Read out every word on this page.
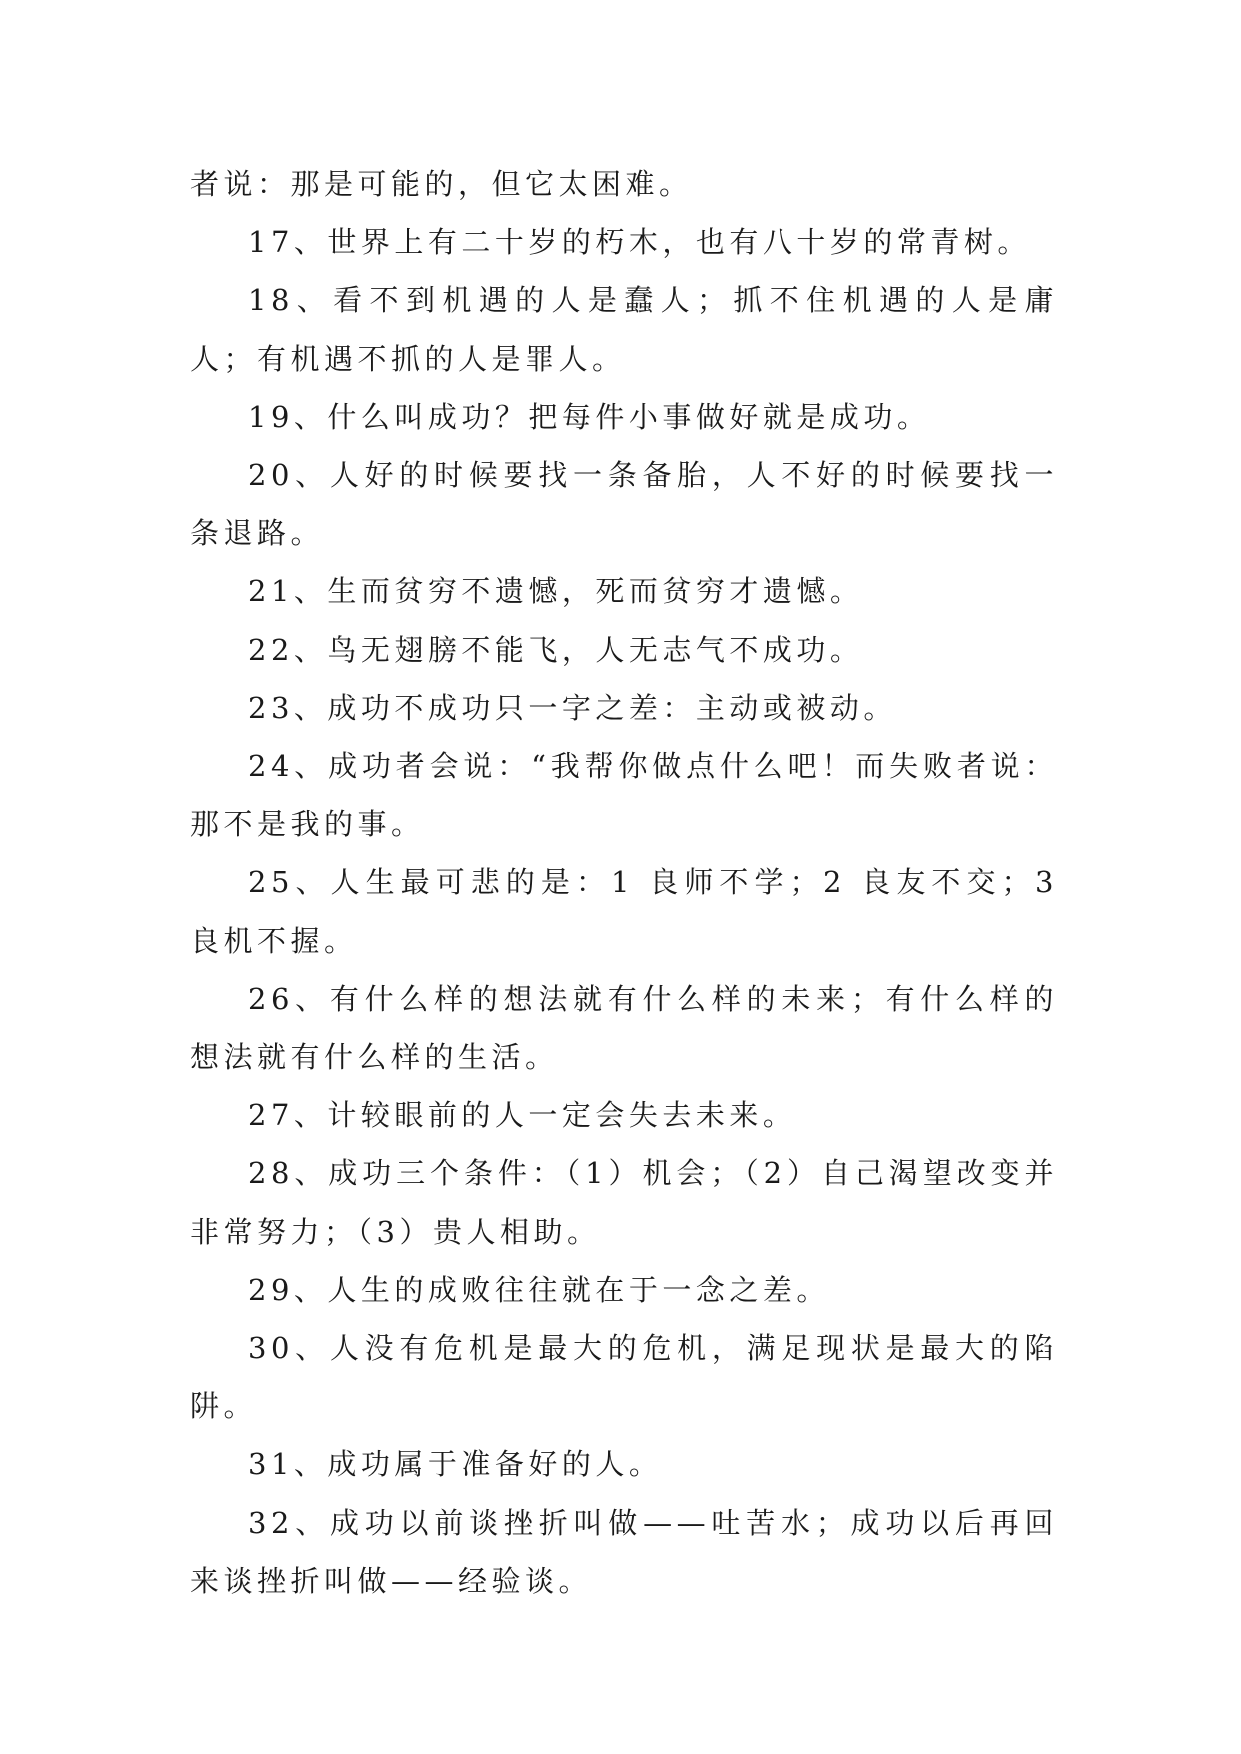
者说：那是可能的，但它太困难。

17、世界上有二十岁的朽木，也有八十岁的常青树。

18、看不到机遇的人是蠢人；抓不住机遇的人是庸人；有机遇不抓的人是罪人。

19、什么叫成功？把每件小事做好就是成功。

20、人好的时候要找一条备胎，人不好的时候要找一条退路。

21、生而贫穷不遗憾，死而贫穷才遗憾。

22、鸟无翅膀不能飞，人无志气不成功。

23、成功不成功只一字之差：主动或被动。

24、成功者会说：“我帮你做点什么吧！而失败者说：那不是我的事。

25、人生最可悲的是：1 良师不学；2 良友不交；3 良机不握。

26、有什么样的想法就有什么样的未来；有什么样的想法就有什么样的生活。

27、计较眼前的人一定会失去未来。

28、成功三个条件：（1）机会；（2）自己渴望改变并非常努力；（3）贵人相助。

29、人生的成败往往就在于一念之差。

30、人没有危机是最大的危机，满足现状是最大的陷阱。

31、成功属于准备好的人。

32、成功以前谈挫折叫做——吐苦水；成功以后再回来谈挫折叫做——经验谈。
